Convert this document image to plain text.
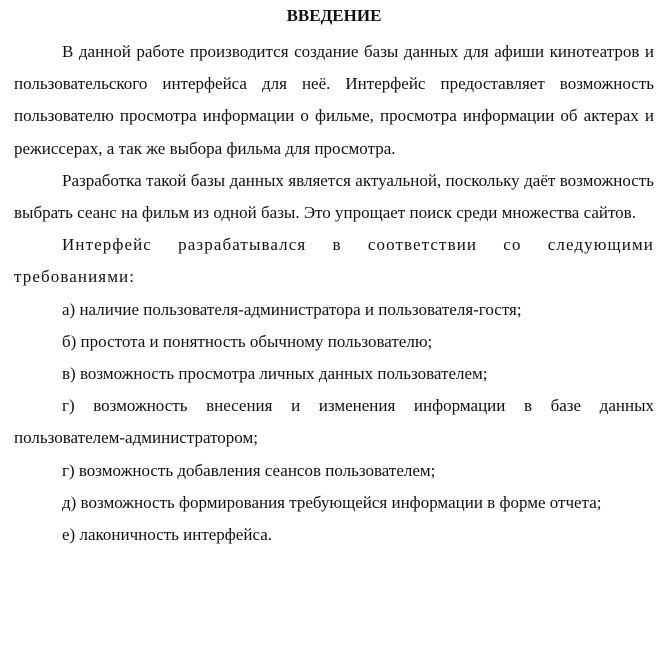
ВВЕДЕНИЕ

В данной работе производится создание базы данных для афиши кинотеатров и пользовательского интерфейса для неё. Интерфейс предоставляет возможность пользователю просмотра информации о фильме, просмотра информации об актерах и режиссерах, а так же выбора фильма для просмотра.

Разработка такой базы данных является актуальной, поскольку даёт возможность выбрать сеанс на фильм из одной базы. Это упрощает поиск среди множества сайтов.

Интерфейс разрабатывался в соответствии со следующими требованиями:

а) наличие пользователя-администратора и пользователя-гостя;

б) простота и понятность обычному пользователю;

в) возможность просмотра личных данных пользователем;

г) возможность внесения и изменения информации в базе данных пользователем-администратором;

г) возможность добавления сеансов пользователем;

д) возможность формирования требующейся информации в форме отчета;

е) лаконичность интерфейса.
